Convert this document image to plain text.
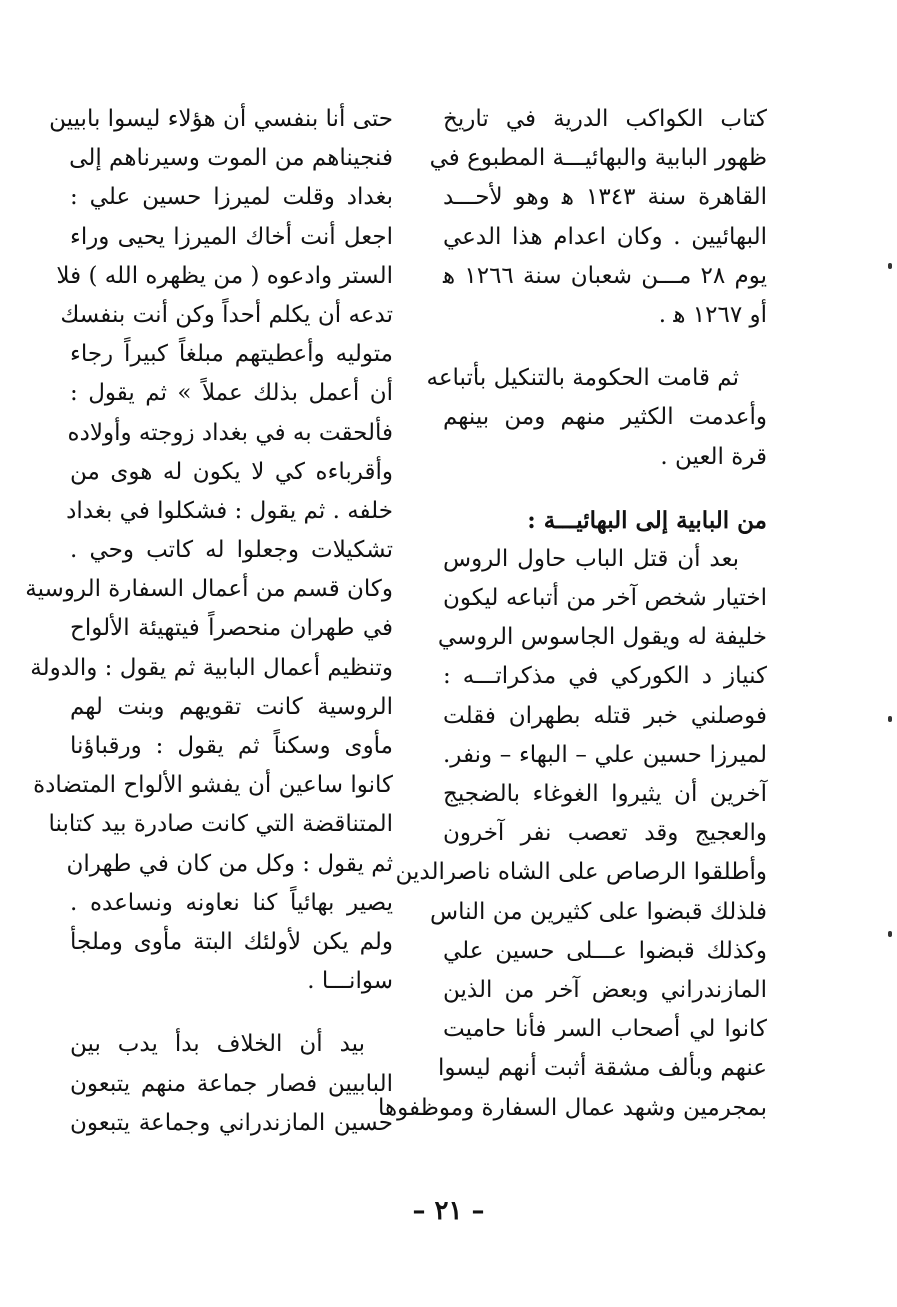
كتاب الكواكب الدرية في تاريخ
ظهور البابية والبهائيـــة المطبوع في
القاهرة سنة ١٣٤٣ ﻫ وهو لأحـــد
البهائيين . وكان اعدام هذا الدعي
يوم ٢٨ مـــن شعبان سنة ١٢٦٦ ﻫ
أو ١٢٦٧ ﻫ .
ثم قامت الحكومة بالتنكيل بأتباعه
وأعدمت الكثير منهم ومن بينهم
قرة العين .
من البابية إلى البهائيـــة :
بعد أن قتل الباب حاول الروس
اختيار شخص آخر من أتباعه ليكون
خليفة له ويقول الجاسوس الروسي
كنياز د الكوركي في مذكراتـــه :
فوصلني خبر قتله بطهران فقلت
لميرزا حسين علي – البهاء – ونفر.
آخرين أن يثيروا الغوغاء بالضجيج
والعجيج وقد تعصب نفر آخرون
وأطلقوا الرصاص على الشاه ناصرالدين
فلذلك قبضوا على كثيرين من الناس
وكذلك قبضوا عـــلى حسين علي
المازندراني وبعض آخر من الذين
كانوا لي أصحاب السر فأنا حاميت
عنهم وبألف مشقة أثبت أنهم ليسوا
بمجرمين وشهد عمال السفارة وموظفوها
حتى أنا بنفسي أن هؤلاء ليسوا بابيين
فنجيناهم من الموت وسيرناهم إلى
بغداد وقلت لميرزا حسين علي :
اجعل أنت أخاك الميرزا يحيى وراء
الستر وادعوه ( من يظهره الله ) فلا
تدعه أن يكلم أحداً وكن أنت بنفسك
متوليه وأعطيتهم مبلغاً كبيراً رجاء
أن أعمل بذلك عملاً » ثم يقول :
فألحقت به في بغداد زوجته وأولاده
وأقرباءه كي لا يكون له هوى من
خلفه . ثم يقول : فشكلوا في بغداد
تشكيلات وجعلوا له كاتب وحي .
وكان قسم من أعمال السفارة الروسية
في طهران منحصراً فيتهيئة الألواح
وتنظيم أعمال البابية ثم يقول : والدولة
الروسية كانت تقويهم وبنت لهم
مأوى وسكناً ثم يقول : ورقباؤنا
كانوا ساعين أن يفشو الألواح المتضادة
المتناقضة التي كانت صادرة بيد كتابنا
ثم يقول : وكل من كان في طهران
يصير بهائياً كنا نعاونه ونساعده .
ولم يكن لأولئك البتة مأوى وملجأ
سوانـــا .
بيد أن الخلاف بدأ يدب بين
البابيين فصار جماعة منهم يتبعون
حسين المازندراني وجماعة يتبعون
– ٢١ –
